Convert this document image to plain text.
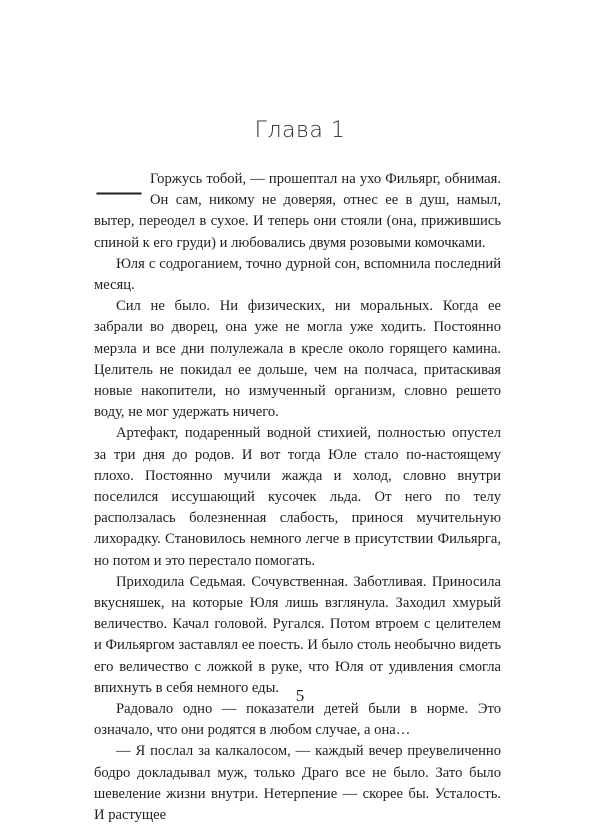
Глава 1

— Горжусь тобой, — прошептал на ухо Фильярг, обнимая. Он сам, никому не доверяя, отнес ее в душ, намыл, вытер, переодел в сухое. И теперь они стояли (она, прижившись спиной к его груди) и любовались двумя розовыми комочками.

Юля с содроганием, точно дурной сон, вспомнила последний месяц.

Сил не было. Ни физических, ни моральных. Когда ее забрали во дворец, она уже не могла уже ходить. Постоянно мерзла и все дни полулежала в кресле около горящего камина. Целитель не покидал ее дольше, чем на полчаса, притаскивая новые накопители, но измученный организм, словно решето воду, не мог удержать ничего.

Артефакт, подаренный водной стихией, полностью опустел за три дня до родов. И вот тогда Юле стало по-настоящему плохо. Постоянно мучили жажда и холод, словно внутри поселился иссушающий кусочек льда. От него по телу расползалась болезненная слабость, принося мучительную лихорадку. Становилось немного легче в присутствии Фильярга, но потом и это перестало помогать.

Приходила Седьмая. Сочувственная. Заботливая. Приносила вкусняшек, на которые Юля лишь взглянула. Заходил хмурый величество. Качал головой. Ругался. Потом втроем с целителем и Фильяргом заставлял ее поесть. И было столь необычно видеть его величество с ложкой в руке, что Юля от удивления смогла впихнуть в себя немного еды.

Радовало одно — показатели детей были в норме. Это означало, что они родятся в любом случае, а она…

— Я послал за калкалосом, — каждый вечер преувеличенно бодро докладывал муж, только Драго все не было. Зато было шевеление жизни внутри. Нетерпение — скорее бы. Усталость. И растущее

5
